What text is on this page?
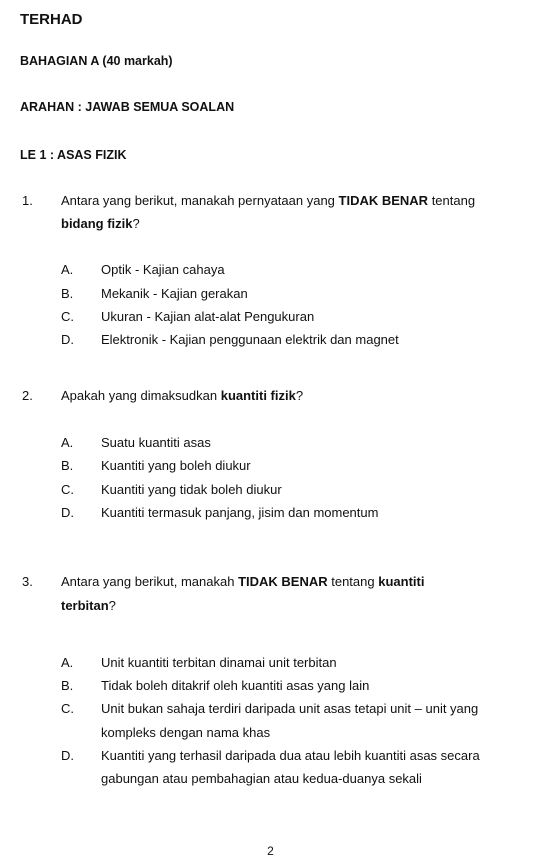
TERHAD
BAHAGIAN A (40 markah)
ARAHAN : JAWAB SEMUA SOALAN
LE 1 : ASAS FIZIK
1. Antara yang berikut, manakah pernyataan yang TIDAK BENAR tentang
bidang fizik?
A. Optik - Kajian cahaya
B. Mekanik - Kajian gerakan
C. Ukuran - Kajian alat-alat Pengukuran
D. Elektronik - Kajian penggunaan elektrik dan magnet
2. Apakah yang dimaksudkan kuantiti fizik?
A. Suatu kuantiti asas
B. Kuantiti yang boleh diukur
C. Kuantiti yang tidak boleh diukur
D. Kuantiti termasuk panjang, jisim dan momentum
3. Antara yang berikut, manakah TIDAK BENAR tentang kuantiti
terbitan?
A. Unit kuantiti terbitan dinamai unit terbitan
B. Tidak boleh ditakrif oleh kuantiti asas yang lain
C. Unit bukan sahaja terdiri daripada unit asas tetapi unit – unit yang
kompleks dengan nama khas
D. Kuantiti yang terhasil daripada dua atau lebih kuantiti asas secara
gabungan atau pembahagian atau kedua-duanya sekali
2
